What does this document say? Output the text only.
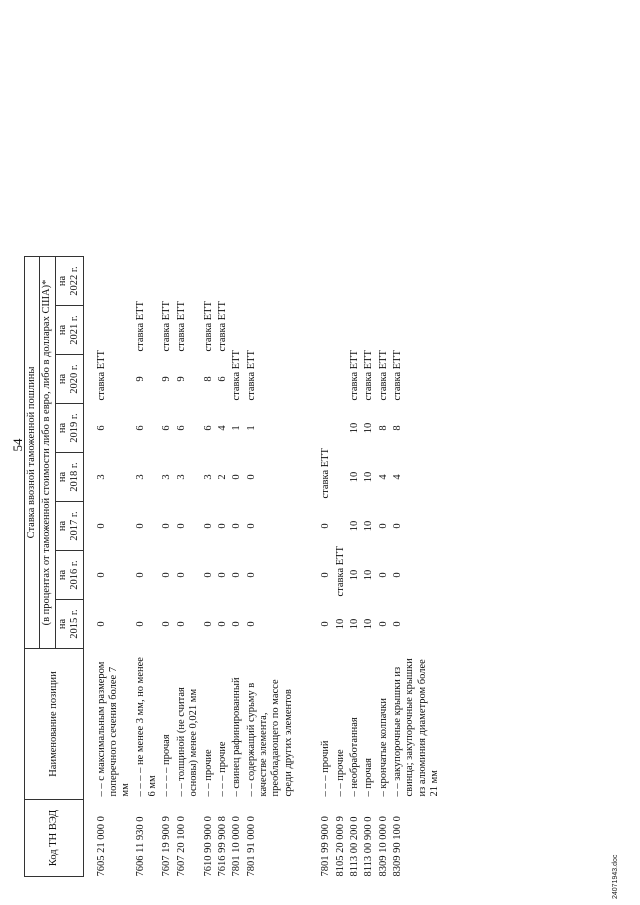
54
Код ТН ВЭД	Наименование позиции	Ставка ввозной таможенной пошлины							
		(в процентах от таможенной стоимости либо в евро, либо в долларах США)*							

		на 2015 г.	на 2016 г.	на 2017 г.	на 2018 г.	на 2019 г.	на 2020 г.	на 2021 г.	на 2022 г.

7605 21 000 0	– – с максимальным размером поперечного сечения более 7 мм	0	0	0	3	6	ставка ЕТТ		
7606 11 930 0	– – – – не менее 3 мм, но менее 6 мм	0	0	0	3	6	9	ставка ЕТТ	
7607 19 900 9	– – – – прочая	0	0	0	3	6	9	ставка ЕТТ	
7607 20 100 0	– – толщиной (не считая основы) менее 0,021 мм	0	0	0	3	6	9	ставка ЕТТ	
7610 90 900 0	– – прочие	0	0	0	3	6	8	ставка ЕТТ	
7616 99 900 8	– – – прочие	0	0	0	2	4	6	ставка ЕТТ	
7801 10 000 0	– свинец рафинированный	0	0	0	0	1	ставка ЕТТ		
7801 91 000 0	– – содержащий сурьму в качестве элемента, преобладающего по массе среди других элементов	0	0	0	0	1	ставка ЕТТ		
7801 99 900 0	– – – прочий	0	0	0	ставка ЕТТ				
8105 20 000 9	– – прочие	10	ставка ЕТТ						
8113 00 200 0	– необработанная	10	10	10	10	10	ставка ЕТТ		
8113 00 900 0	– прочая	10	10	10	10	10	ставка ЕТТ		
8309 10 000 0	– крончатые колпачки	0	0	0	4	8	ставка ЕТТ		
8309 90 100 0	– – закупорочные крышки из свинца; закупорочные крышки из алюминия диаметром более 21 мм	0	0	0	4	8	ставка ЕТТ		
24071943.doc
